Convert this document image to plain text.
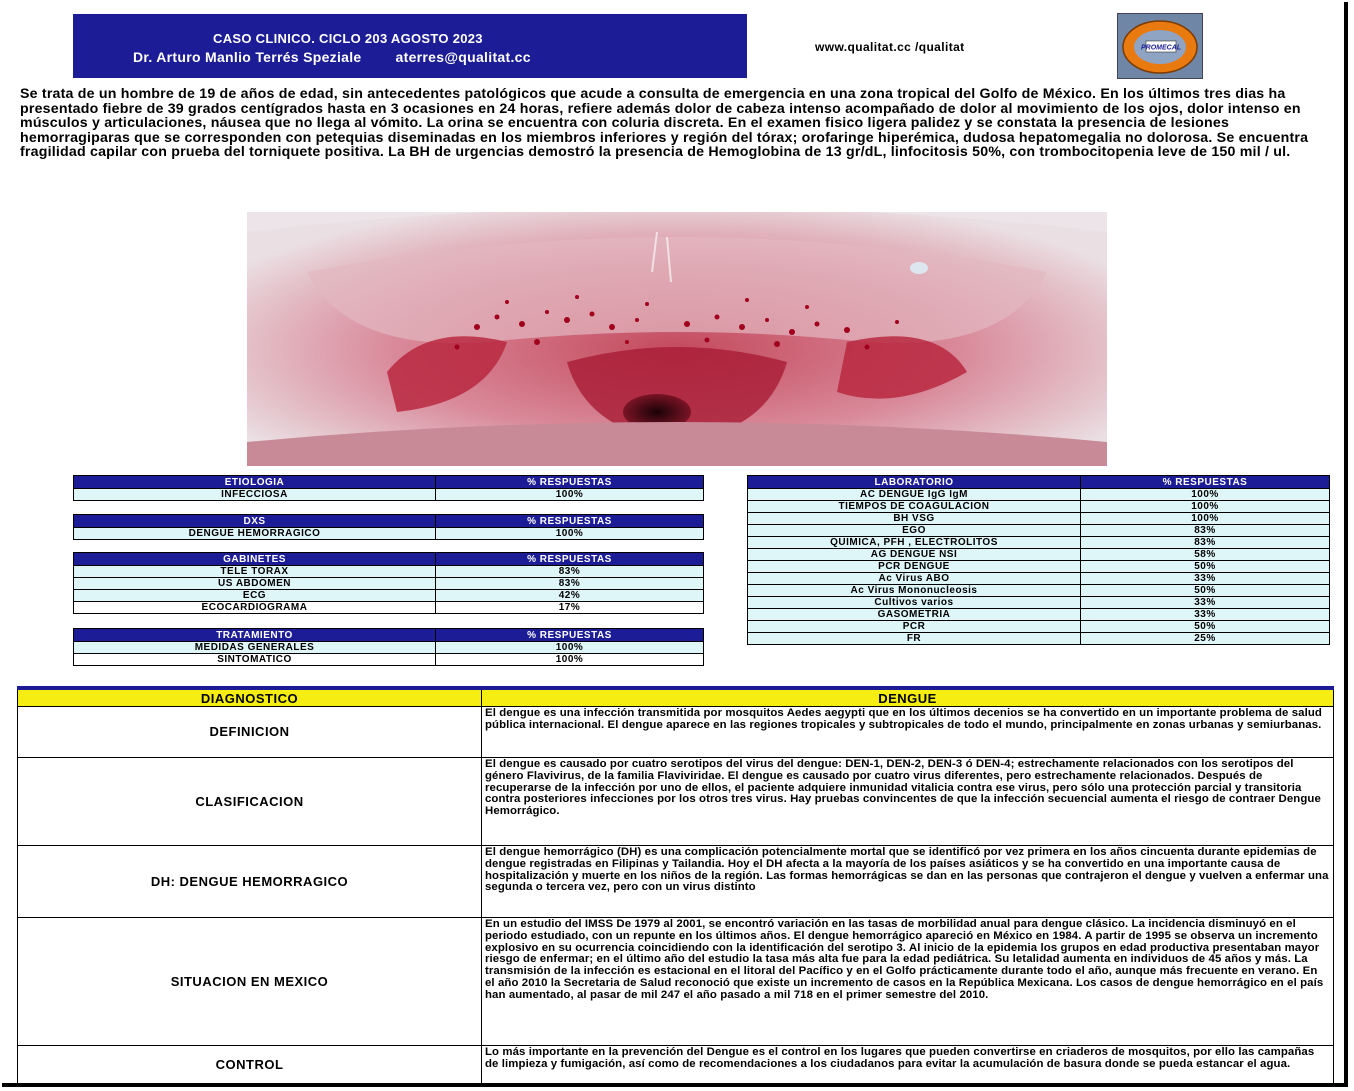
CASO CLINICO. CICLO 203 AGOSTO 2023
Dr. Arturo Manlio Terrés Speziale aterres@qualitat.cc
www.qualitat.cc /qualitat	PROMECAL
Se trata de un hombre de 19 de años de edad, sin antecedentes patológicos que acude a consulta de emergencia en una zona tropical del Golfo de México. En los últimos tres dias ha presentado fiebre de 39 grados centígrados hasta en 3 ocasiones en 24 horas, refiere además dolor de cabeza intenso acompañado de dolor al movimiento de los ojos, dolor intenso en músculos y articulaciones, náusea que no llega al vómito. La orina se encuentra con coluria discreta. En el examen fisico ligera palidez y se constata la presencia de lesiones hemorragiparas que se corresponden con petequias diseminadas en los miembros inferiores y región del tórax; orofaringe hiperémica, dudosa hepatomegalia no dolorosa. Se encuentra fragilidad capilar con prueba del torniquete positiva. La BH de urgencias demostró la presencia de Hemoglobina de 13 gr/dL, linfocitosis 50%, con trombocitopenia leve de 150 mil / ul.
ETIOLOGIA	% RESPUESTAS
INFECCIOSA	100%
DXS	% RESPUESTAS
DENGUE HEMORRAGICO	100%
GABINETES	% RESPUESTAS
TELE TORAX	83%
US ABDOMEN	83%
ECG	42%
ECOCARDIOGRAMA	17%
TRATAMIENTO	% RESPUESTAS
MEDIDAS GENERALES	100%
SINTOMATICO	100%
LABORATORIO	% RESPUESTAS
AC DENGUE IgG IgM	100%
TIEMPOS DE COAGULACION	100%
BH VSG	100%
EGO	83%
QUIMICA, PFH , ELECTROLITOS	83%
AG DENGUE NSI	58%
PCR DENGUE	50%
Ac Virus ABO	33%
Ac Virus Mononucleosis	50%
Cultivos varios	33%
GASOMETRIA	33%
PCR	50%
FR	25%
DIAGNOSTICO	DENGUE
DEFINICION	El dengue es una infección transmitida por mosquitos Aedes aegypti que en los últimos decenios se ha convertido en un importante problema de salud pública internacional. El dengue aparece en las regiones tropicales y subtropicales de todo el mundo, principalmente en zonas urbanas y semiurbanas.
CLASIFICACION	El dengue es causado por cuatro serotipos del virus del dengue: DEN-1, DEN-2, DEN-3 ó DEN-4; estrechamente relacionados con los serotipos del género Flavivirus, de la familia Flaviviridae. El dengue es causado por cuatro virus diferentes, pero estrechamente relacionados. Después de recuperarse de la infección por uno de ellos, el paciente adquiere inmunidad vitalicia contra ese virus, pero sólo una protección parcial y transitoria contra posteriores infecciones por los otros tres virus. Hay pruebas convincentes de que la infección secuencial aumenta el riesgo de contraer Dengue Hemorrágico.
DH: DENGUE HEMORRAGICO	El dengue hemorrágico (DH) es una complicación potencialmente mortal que se identificó por vez primera en los años cincuenta durante epidemias de dengue registradas en Filipinas y Tailandia. Hoy el DH afecta a la mayoría de los países asiáticos y se ha convertido en una importante causa de hospitalización y muerte en los niños de la región. Las formas hemorrágicas se dan en las personas que contrajeron el dengue y vuelven a enfermar una segunda o tercera vez, pero con un virus distinto
SITUACION EN MEXICO	En un estudio del IMSS De 1979 al 2001, se encontró variación en las tasas de morbilidad anual para dengue clásico. La incidencia disminuyó en el periodo estudiado, con un repunte en los últimos años. El dengue hemorrágico apareció en México en 1984. A partir de 1995 se observa un incremento explosivo en su ocurrencia coincidiendo con la identificación del serotipo 3. Al inicio de la epidemia los grupos en edad productiva presentaban mayor riesgo de enfermar; en el último año del estudio la tasa más alta fue para la edad pediátrica. Su letalidad aumenta en individuos de 45 años y más. La transmisión de la infección es estacional en el litoral del Pacífico y en el Golfo prácticamente durante todo el año, aunque más frecuente en verano. En el año 2010 la Secretaria de Salud reconoció que existe un incremento de casos en la República Mexicana. Los casos de dengue hemorrágico en el país han aumentado, al pasar de mil 247 el año pasado a mil 718 en el primer semestre del 2010.
CONTROL	Lo más importante en la prevención del Dengue es el control en los lugares que pueden convertirse en criaderos de mosquitos, por ello las campañas de limpieza y fumigación, así como de recomendaciones a los ciudadanos para evitar la acumulación de basura donde se pueda estancar el agua.
